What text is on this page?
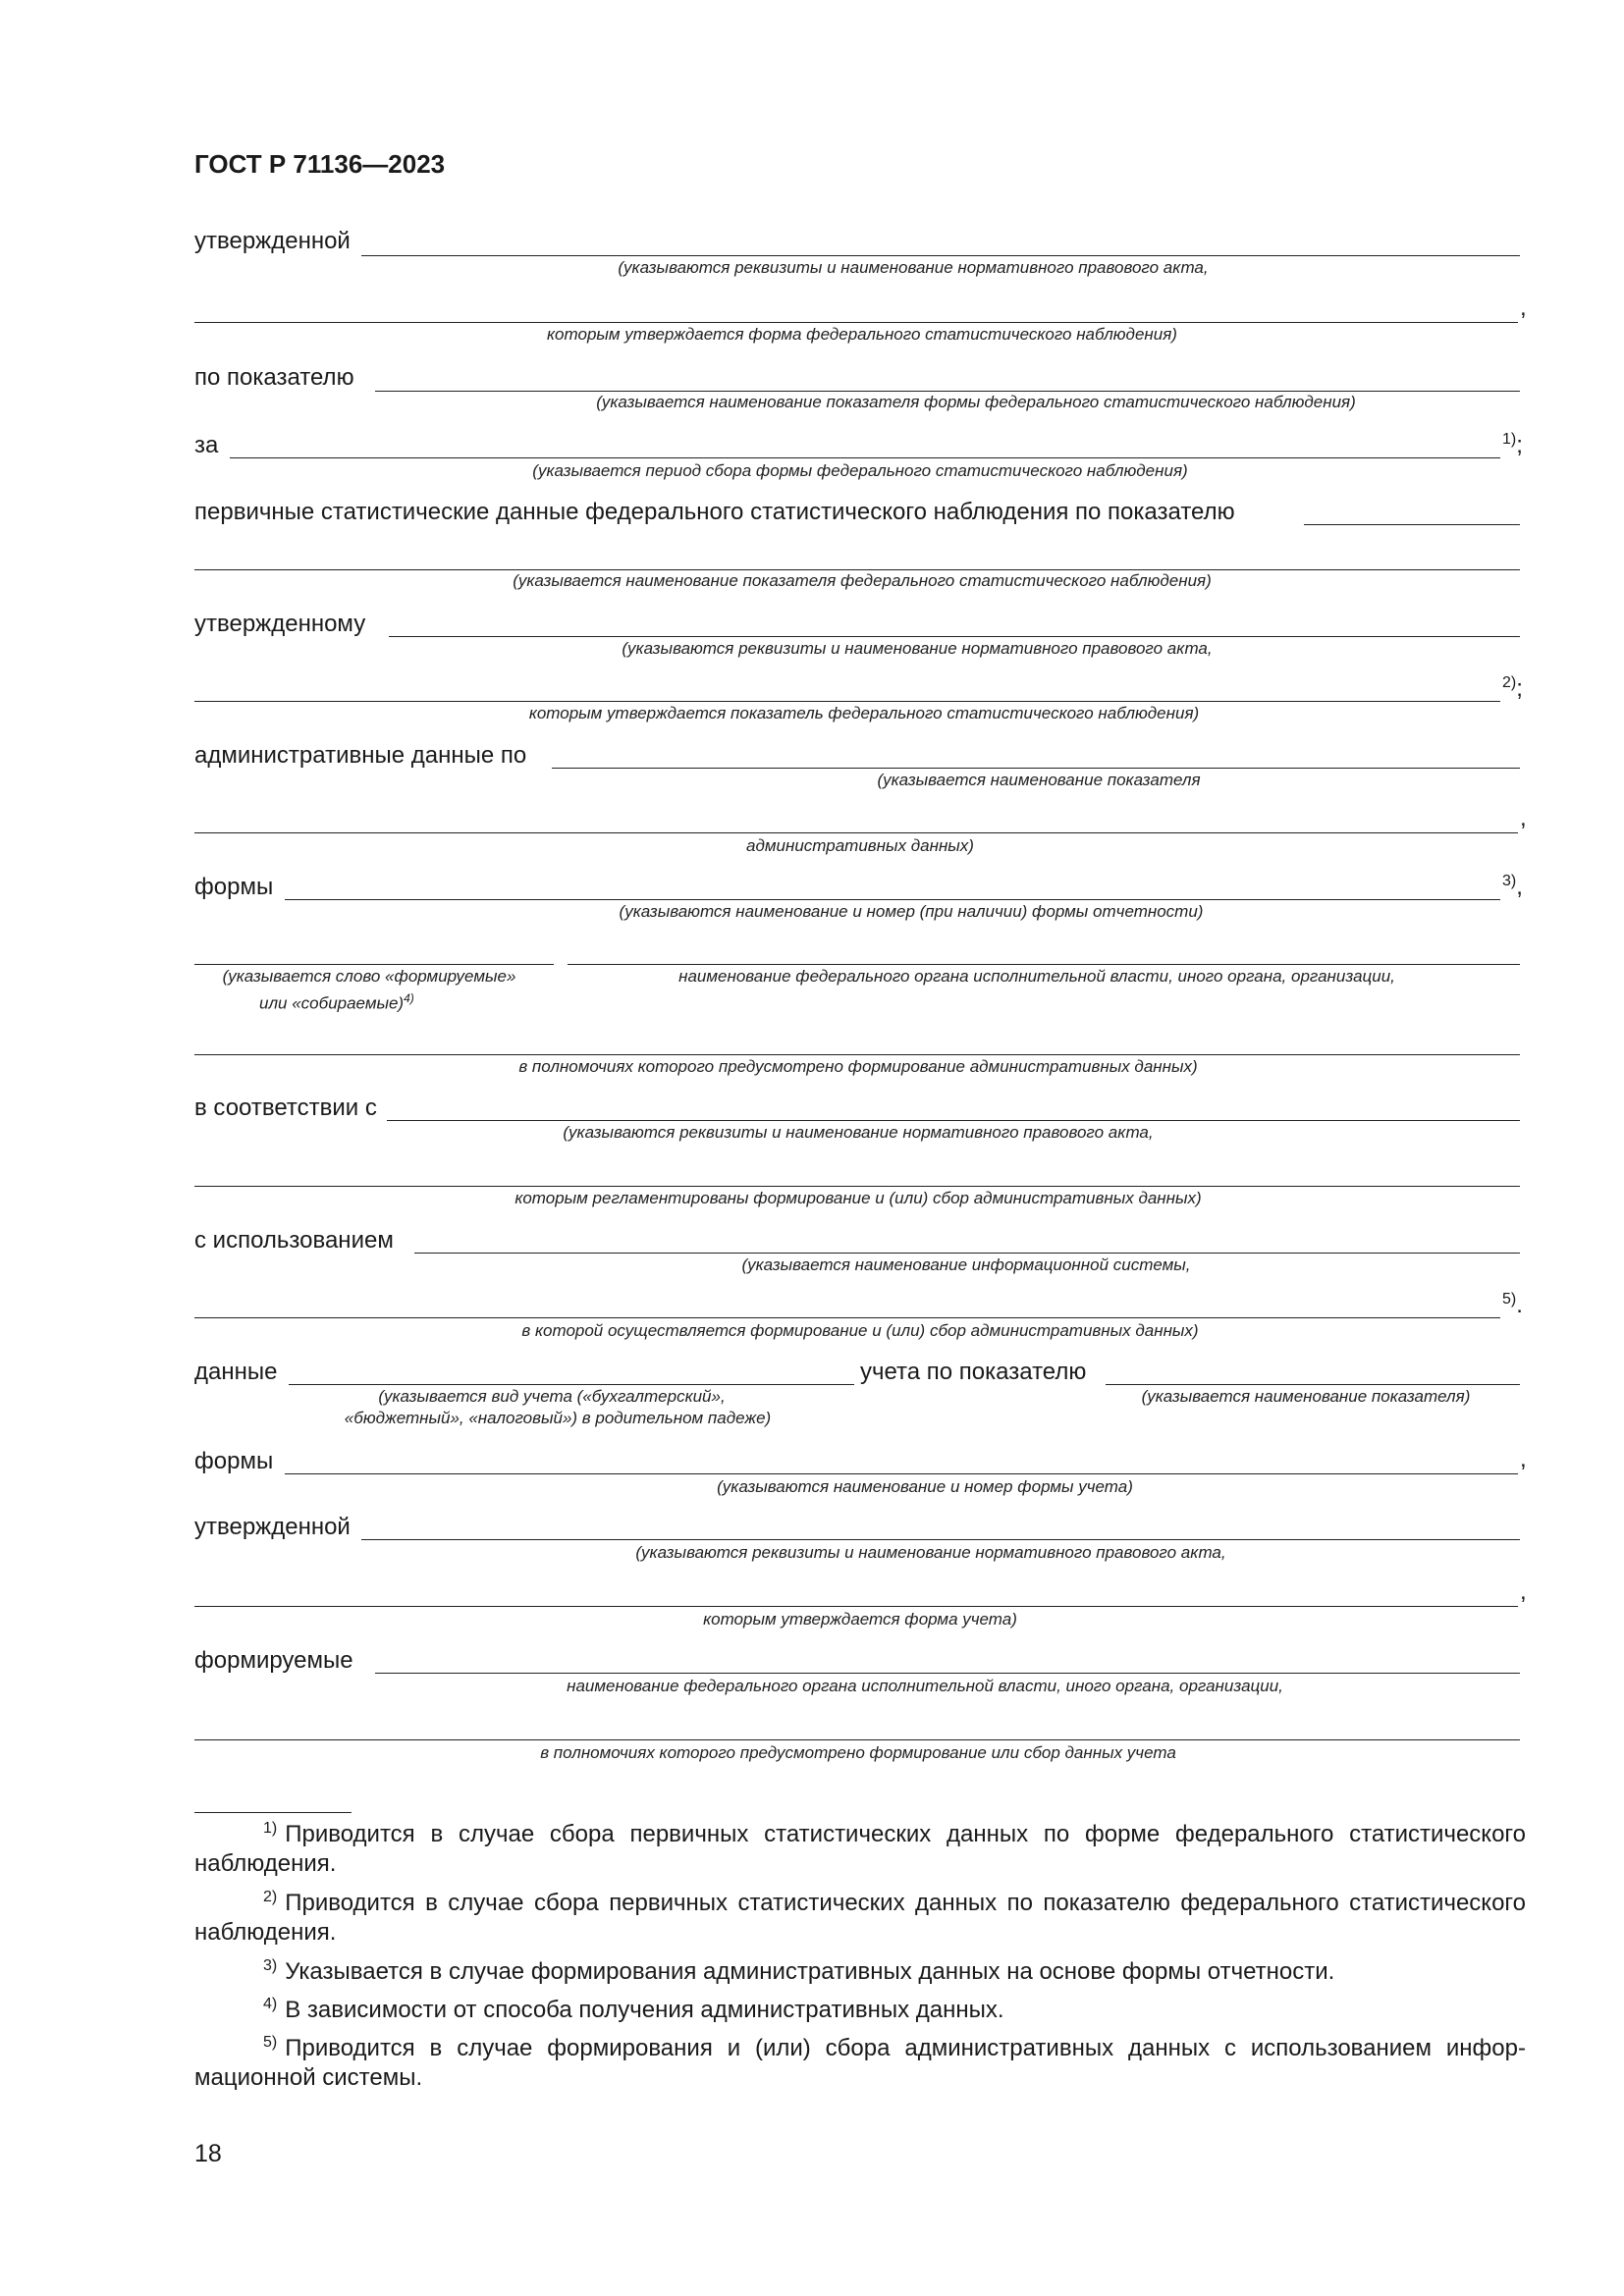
ГОСТ Р 71136—2023
утвержденной
(указываются реквизиты и наименование нормативного правового акта,
,
которым утверждается форма федерального статистического наблюдения)
по показателю
(указывается наименование показателя формы федерального статистического наблюдения)
за	$^{1)}$;
(указывается период сбора формы федерального статистического наблюдения)
первичные статистические данные федерального статистического наблюдения по показателю
(указывается наименование показателя федерального статистического наблюдения)
утвержденному
(указываются реквизиты и наименование нормативного правового акта,
$^{2)}$;
которым утверждается показатель федерального статистического наблюдения)
административные данные по
(указывается наименование показателя
,
административных данных)
формы	$^{3)}$,
(указываются наименование и номер (при наличии) формы отчетности)
(указывается слово «формируемые»
или «собираемые)$^{4)}$
наименование федерального органа исполнительной власти, иного органа, организации,
в полномочиях которого предусмотрено формирование административных данных)
в соответствии с
(указываются реквизиты и наименование нормативного правового акта,
которым регламентированы формирование и (или) сбор административных данных)
с использованием
(указывается наименование информационной системы,
$^{5)}$.
в которой осуществляется формирование и (или) сбор административных данных)
данные	учета по показателю
(указывается вид учета («бухгалтерский»,
«бюджетный», «налоговый») в родительном падеже)
(указывается наименование показателя)
формы	,
(указываются наименование и номер формы учета)
утвержденной
(указываются реквизиты и наименование нормативного правового акта,
,
которым утверждается форма учета)
формируемые
наименование федерального органа исполнительной власти, иного органа, организации,
в полномочиях которого предусмотрено формирование или сбор данных учета
$^{1)}$ Приводится в случае сбора первичных статистических данных по форме федерального статистического наблюдения.
$^{2)}$ Приводится в случае сбора первичных статистических данных по показателю федерального статистического наблюдения.
$^{3)}$ Указывается в случае формирования административных данных на основе формы отчетности.
$^{4)}$ В зависимости от способа получения административных данных.
$^{5)}$ Приводится в случае формирования и (или) сбора административных данных с использованием информационной системы.
18
